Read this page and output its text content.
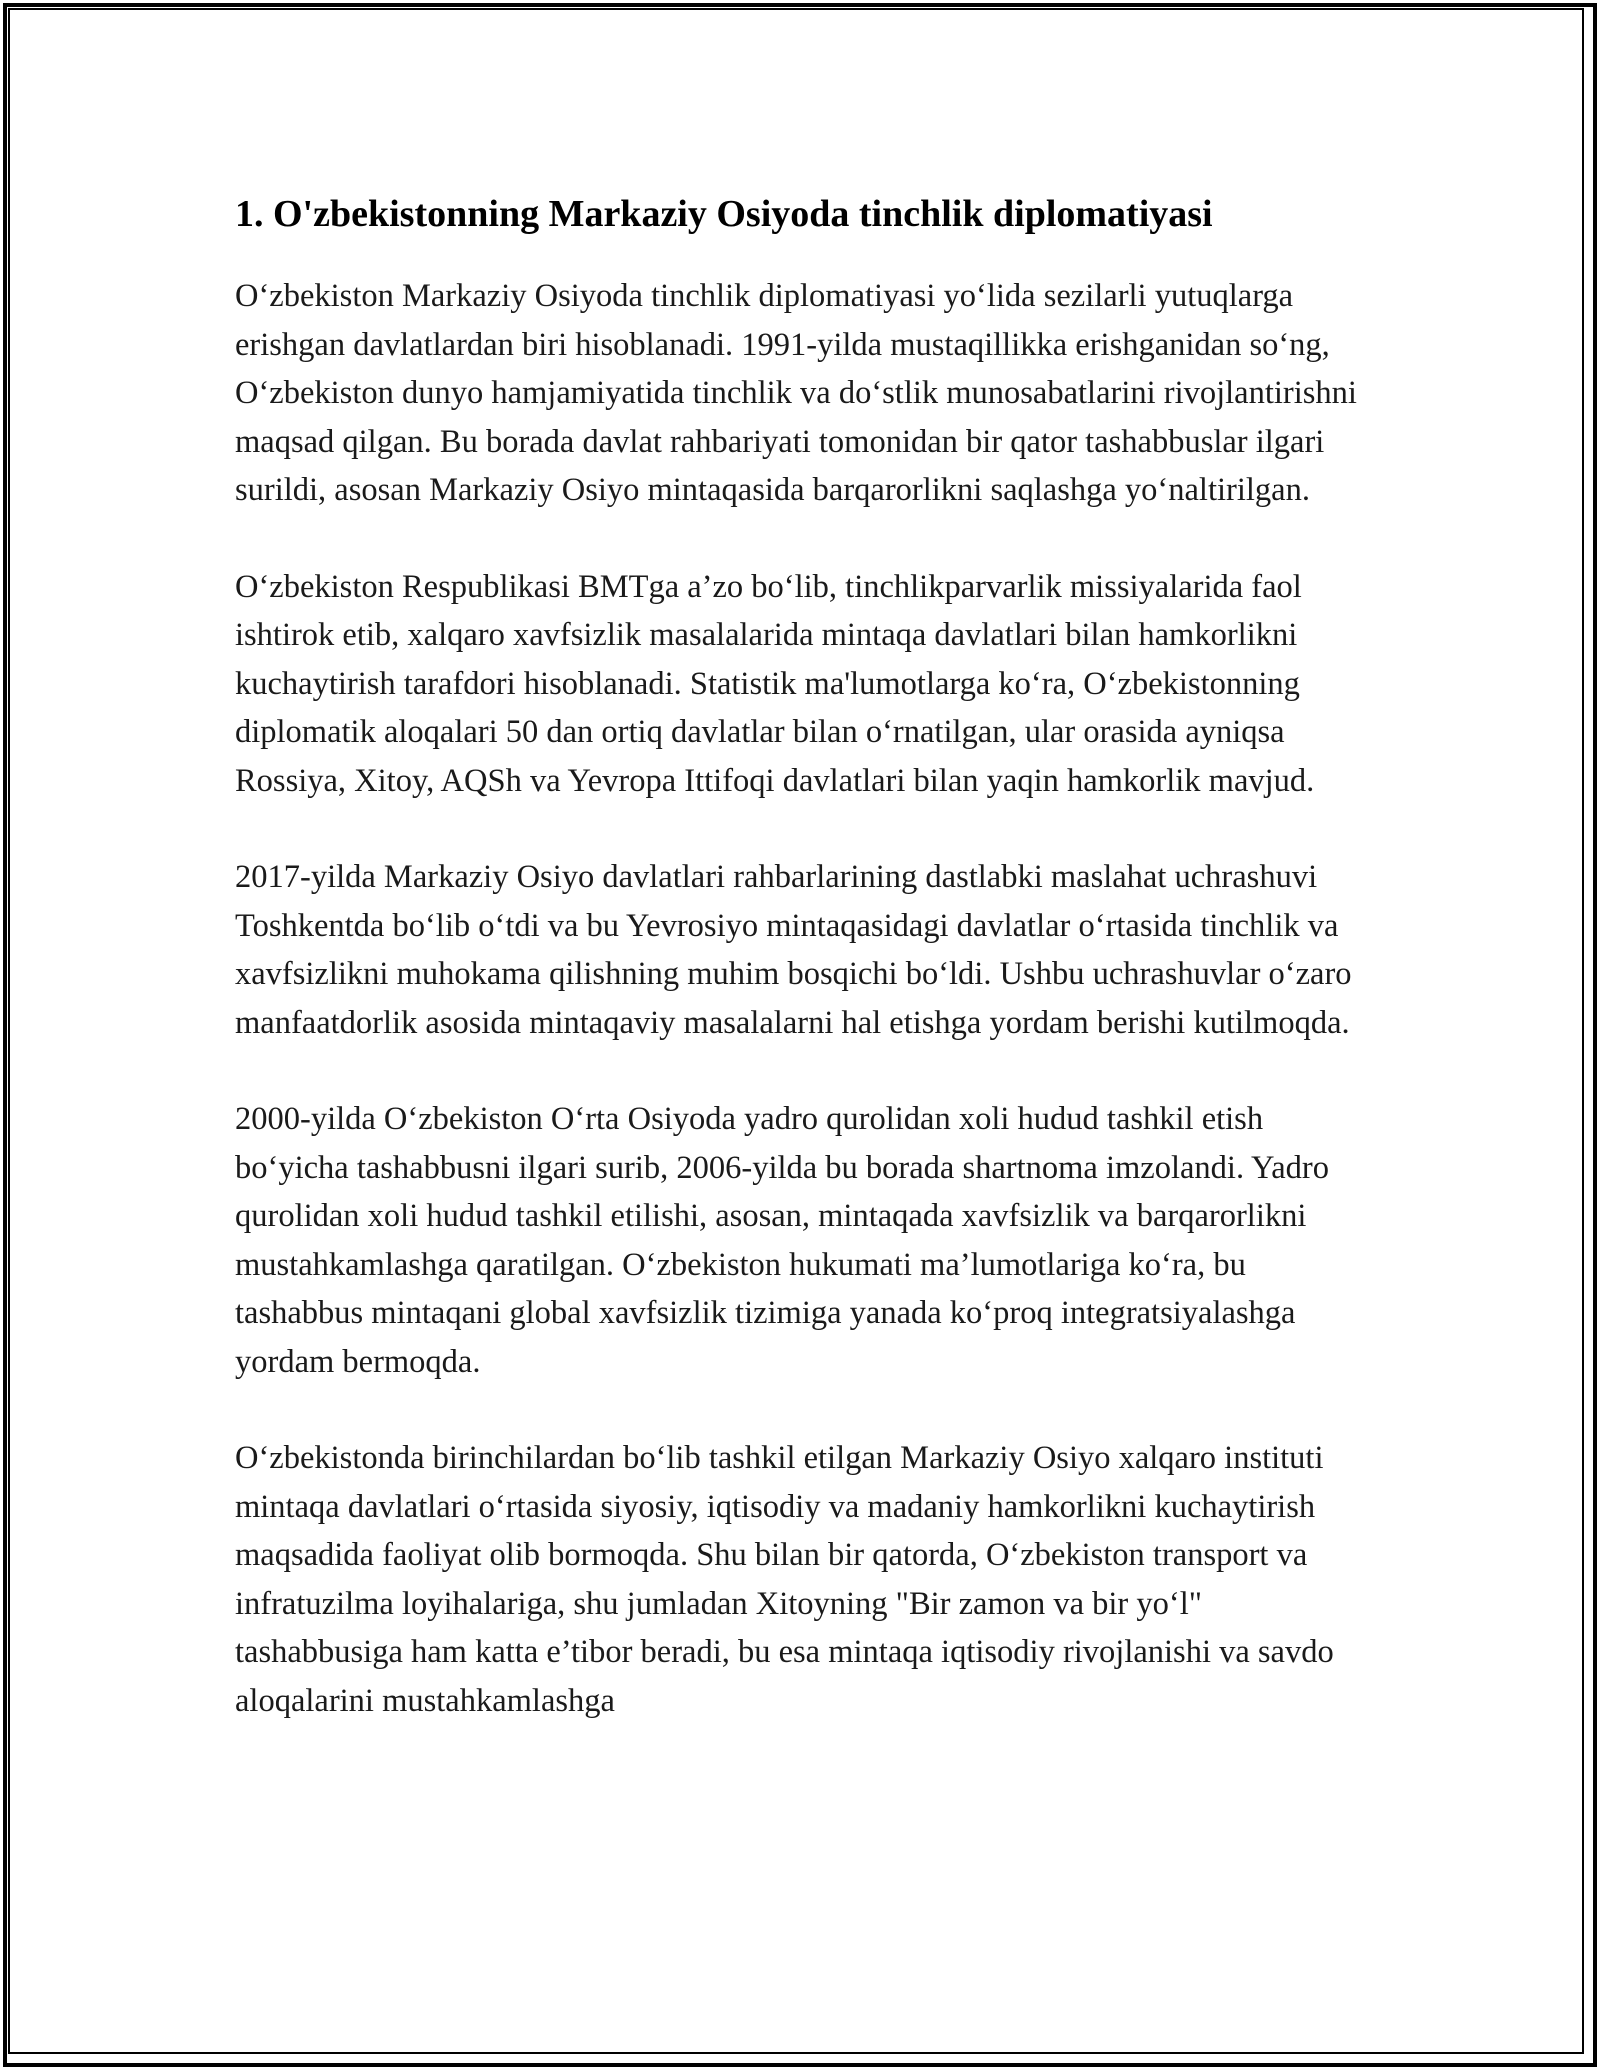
1. O'zbekistonning Markaziy Osiyoda tinchlik diplomatiyasi

O‘zbekiston Markaziy Osiyoda tinchlik diplomatiyasi yo‘lida sezilarli yutuqlarga erishgan davlatlardan biri hisoblanadi. 1991-yilda mustaqillikka erishganidan so‘ng, O‘zbekiston dunyo hamjamiyatida tinchlik va do‘stlik munosabatlarini rivojlantirishni maqsad qilgan. Bu borada davlat rahbariyati tomonidan bir qator tashabbuslar ilgari surildi, asosan Markaziy Osiyo mintaqasida barqarorlikni saqlashga yo‘naltirilgan.

O‘zbekiston Respublikasi BMTga a’zo bo‘lib, tinchlikparvarlik missiyalarida faol ishtirok etib, xalqaro xavfsizlik masalalarida mintaqa davlatlari bilan hamkorlikni kuchaytirish tarafdori hisoblanadi. Statistik ma'lumotlarga ko‘ra, O‘zbekistonning diplomatik aloqalari 50 dan ortiq davlatlar bilan o‘rnatilgan, ular orasida ayniqsa Rossiya, Xitoy, AQSh va Yevropa Ittifoqi davlatlari bilan yaqin hamkorlik mavjud.

2017-yilda Markaziy Osiyo davlatlari rahbarlarining dastlabki maslahat uchrashuvi Toshkentda bo‘lib o‘tdi va bu Yevrosiyo mintaqasidagi davlatlar o‘rtasida tinchlik va xavfsizlikni muhokama qilishning muhim bosqichi bo‘ldi. Ushbu uchrashuvlar o‘zaro manfaatdorlik asosida mintaqaviy masalalarni hal etishga yordam berishi kutilmoqda.

2000-yilda O‘zbekiston O‘rta Osiyoda yadro qurolidan xoli hudud tashkil etish bo‘yicha tashabbusni ilgari surib, 2006-yilda bu borada shartnoma imzolandi. Yadro qurolidan xoli hudud tashkil etilishi, asosan, mintaqada xavfsizlik va barqarorlikni mustahkamlashga qaratilgan. O‘zbekiston hukumati ma’lumotlariga ko‘ra, bu tashabbus mintaqani global xavfsizlik tizimiga yanada ko‘proq integratsiyalashga yordam bermoqda.

O‘zbekistonda birinchilardan bo‘lib tashkil etilgan Markaziy Osiyo xalqaro instituti mintaqa davlatlari o‘rtasida siyosiy, iqtisodiy va madaniy hamkorlikni kuchaytirish maqsadida faoliyat olib bormoqda. Shu bilan bir qatorda, O‘zbekiston transport va infratuzilma loyihalariga, shu jumladan Xitoyning "Bir zamon va bir yo‘l" tashabbusiga ham katta e’tibor beradi, bu esa mintaqa iqtisodiy rivojlanishi va savdo aloqalarini mustahkamlashga
